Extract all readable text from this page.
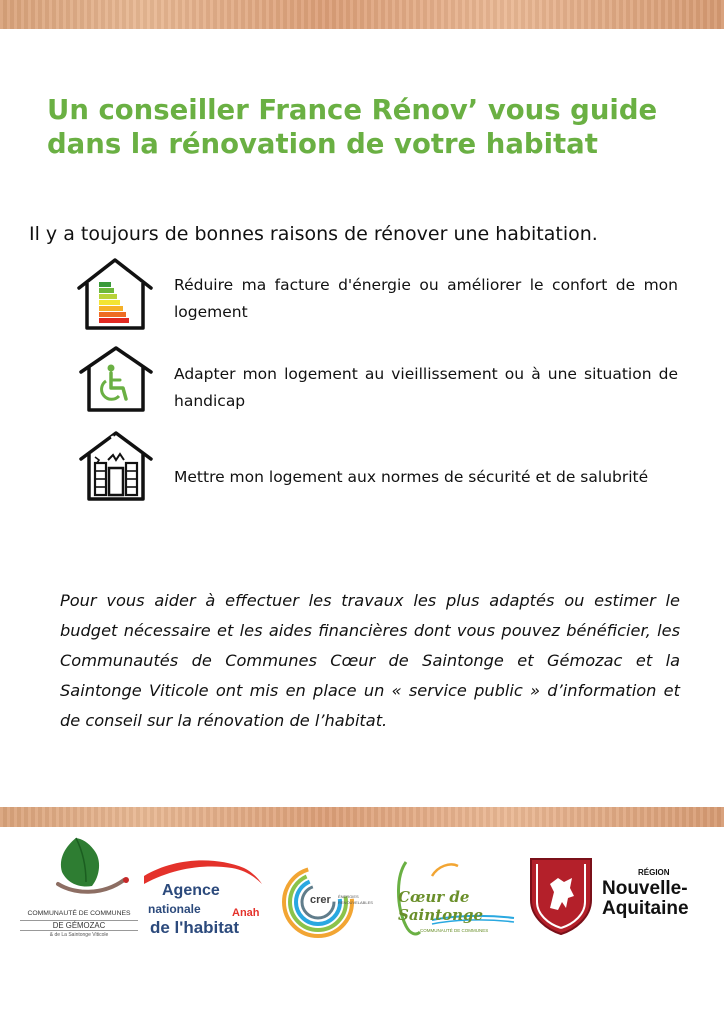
Un conseiller France Rénov’ vous guide dans la rénovation de votre habitat

Il y a toujours de bonnes raisons de rénover une habitation.

Réduire ma facture d'énergie ou améliorer le confort de mon logement
Adapter mon logement au vieillissement ou à une situation de handicap
Mettre mon logement aux normes de sécurité et de salubrité

Pour vous aider à effectuer les travaux les plus adaptés ou estimer le budget nécessaire et les aides financières dont vous pouvez bénéficier, les Communautés de Communes Cœur de Saintonge et Gémozac et la Saintonge Viticole ont mis en place un « service public » d’information et de conseil sur la rénovation de l’habitat.

COMMUNAUTÉ DE COMMUNES
DE GÉMOZAC
& de La Saintonge Viticole
Agence
nationale	Anah
de l'habitat
crer ÉNERGIES
RENOUVELABLES Cœur de Saintonge
COMMUNAUTÉ DE COMMUNES
RÉGION
Nouvelle-
Aquitaine
